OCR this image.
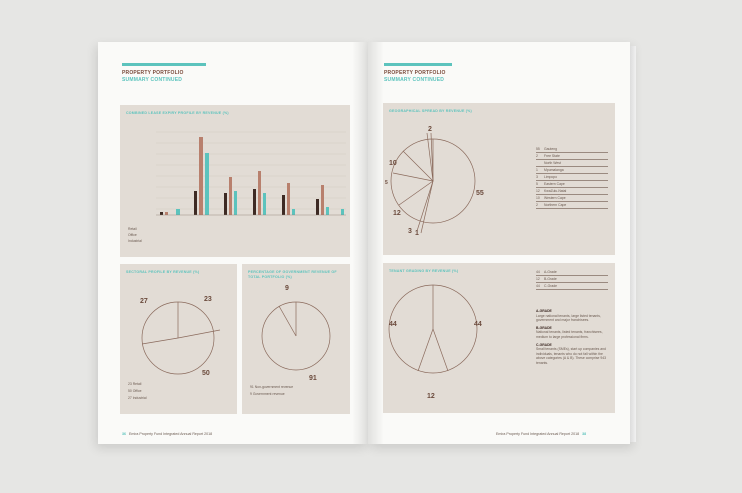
PROPERTY PORTFOLIO
SUMMARY CONTINUED
COMBINED LEASE EXPIRY PROFILE BY REVENUE (%)
Retail
Office
Industrial
SECTORAL PROFILE BY REVENUE (%)
27	23
50
23 Retail
50 Office
27 Industrial
PERCENTAGE OF GOVERNMENT REVENUE OF
TOTAL PORTFOLIO (%)
9
91
91 Non-government revenue
9 Government revenue
36 Emira Property Fund Integrated Annual Report 2018
PROPERTY PORTFOLIO
SUMMARY CONTINUED
GEOGRAPHICAL SPREAD BY REVENUE (%)
2
10
5
12
3 1
55
55 Gauteng
2 Free State
North West
1 Mpumalanga
3 Limpopo
5 Eastern Cape
12 KwaZulu-Natal
10 Western Cape
2 Northern Cape
TENANT GRADING BY REVENUE (%)
44	44
12
44 A-Grade
12 B-Grade
44 C-Grade
A-GRADE
Large national tenants, large listed tenants, government and major franchisees.
B-GRADE
National tenants, listed tenants, franchisees, medium to large professional firms.
C-GRADE
Small tenants (SMEs), start up companies and individuals, tenants who do not fall within the above categories (A & B). These comprise 943 tenants.
Emira Property Fund Integrated Annual Report 2018 38
